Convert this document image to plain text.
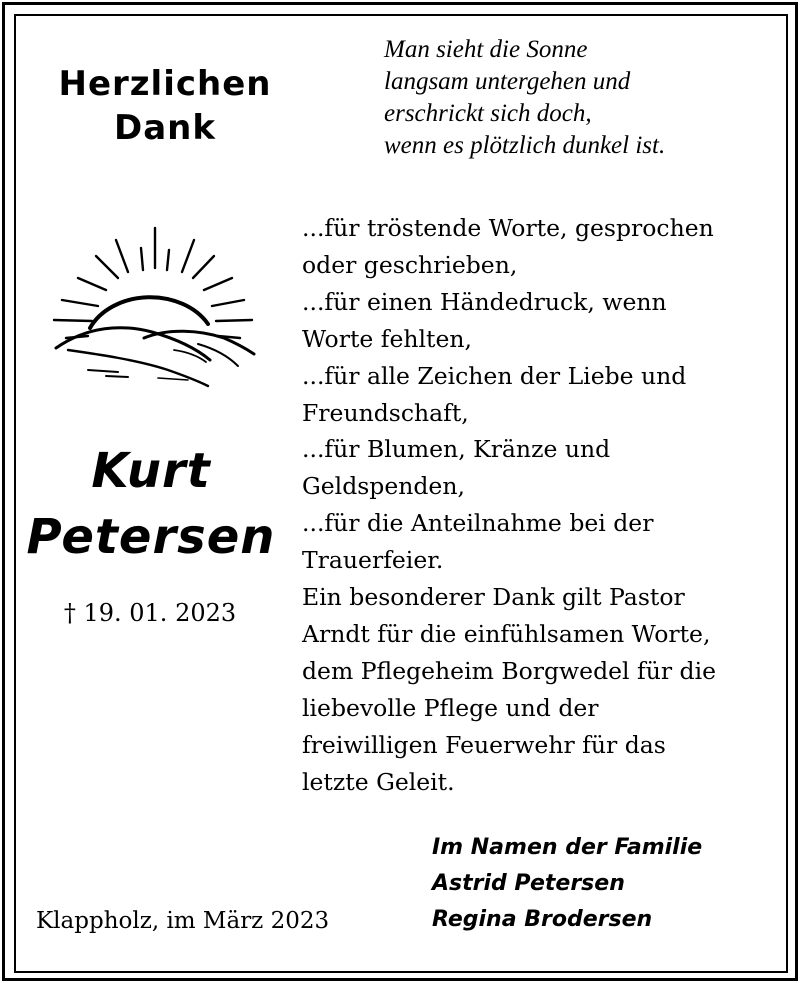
Herzlichen
Dank
Man sieht die Sonne
langsam untergehen und
erschrickt sich doch,
wenn es plötzlich dunkel ist.
Kurt
Petersen
† 19. 01. 2023
...für tröstende Worte, gesprochen
oder geschrieben,
...für einen Händedruck, wenn
Worte fehlten,
...für alle Zeichen der Liebe und
Freundschaft,
...für Blumen, Kränze und
Geldspenden,
...für die Anteilnahme bei der
Trauerfeier.
Ein besonderer Dank gilt Pastor
Arndt für die einfühlsamen Worte,
dem Pflegeheim Borgwedel für die
liebevolle Pflege und der
freiwilligen Feuerwehr für das
letzte Geleit.
Im Namen der Familie
Astrid Petersen
Regina Brodersen
Klappholz, im März 2023
